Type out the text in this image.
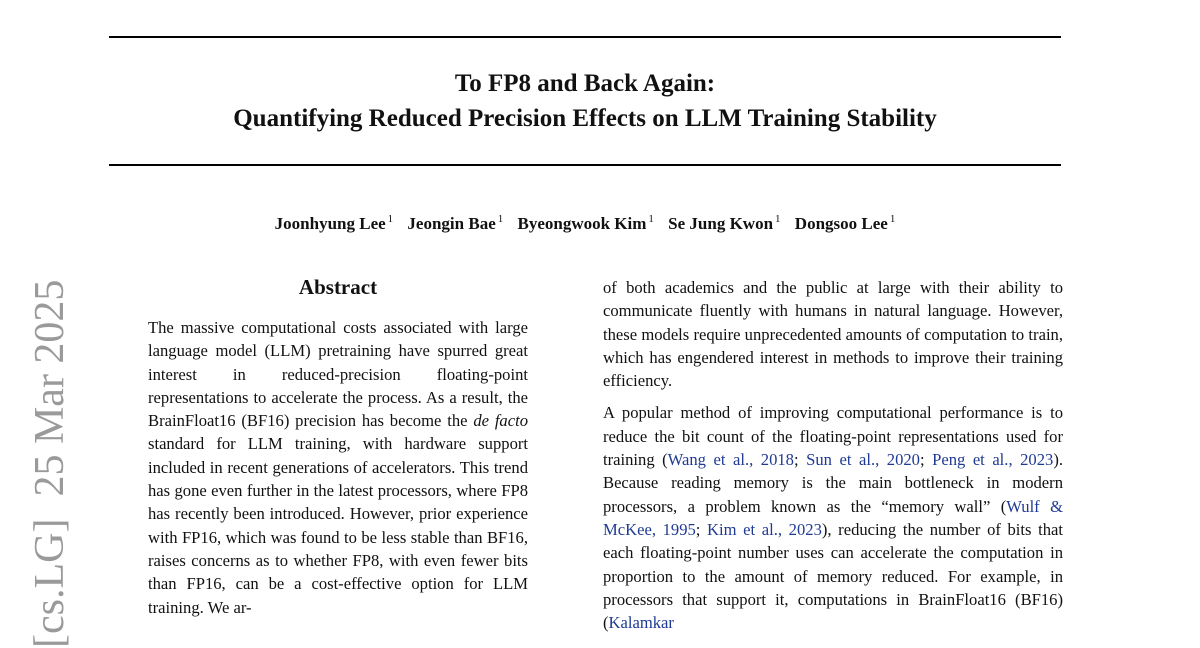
To FP8 and Back Again:
Quantifying Reduced Precision Effects on LLM Training Stability
Joonhyung Lee $^1$ Jeongin Bae $^1$ Byeongwook Kim $^1$ Se Jung Kwon $^1$ Dongsoo Lee $^1$
[cs.LG]25 Mar 2025	Abstract

The massive computational costs associated with large language model (LLM) pretraining have spurred great interest in reduced-precision floating-point representations to accelerate the process. As a result, the BrainFloat16 (BF16) precision has become the de facto standard for LLM training, with hardware support included in recent generations of accelerators. This trend has gone even further in the latest processors, where FP8 has recently been introduced. However, prior experience with FP16, which was found to be less stable than BF16, raises concerns as to whether FP8, with even fewer bits than FP16, can be a cost-effective option for LLM training. We ar-

of both academics and the public at large with their ability to communicate fluently with humans in natural language. However, these models require unprecedented amounts of computation to train, which has engendered interest in methods to improve their training efficiency.

A popular method of improving computational performance is to reduce the bit count of the floating-point representations used for training (Wang et al., 2018; Sun et al., 2020; Peng et al., 2023). Because reading memory is the main bottleneck in modern processors, a problem known as the “memory wall” (Wulf & McKee, 1995; Kim et al., 2023), reducing the number of bits that each floating-point number uses can accelerate the computation in proportion to the amount of memory reduced. For example, in processors that support it, computations in BrainFloat16 (BF16) (Kalamkar
